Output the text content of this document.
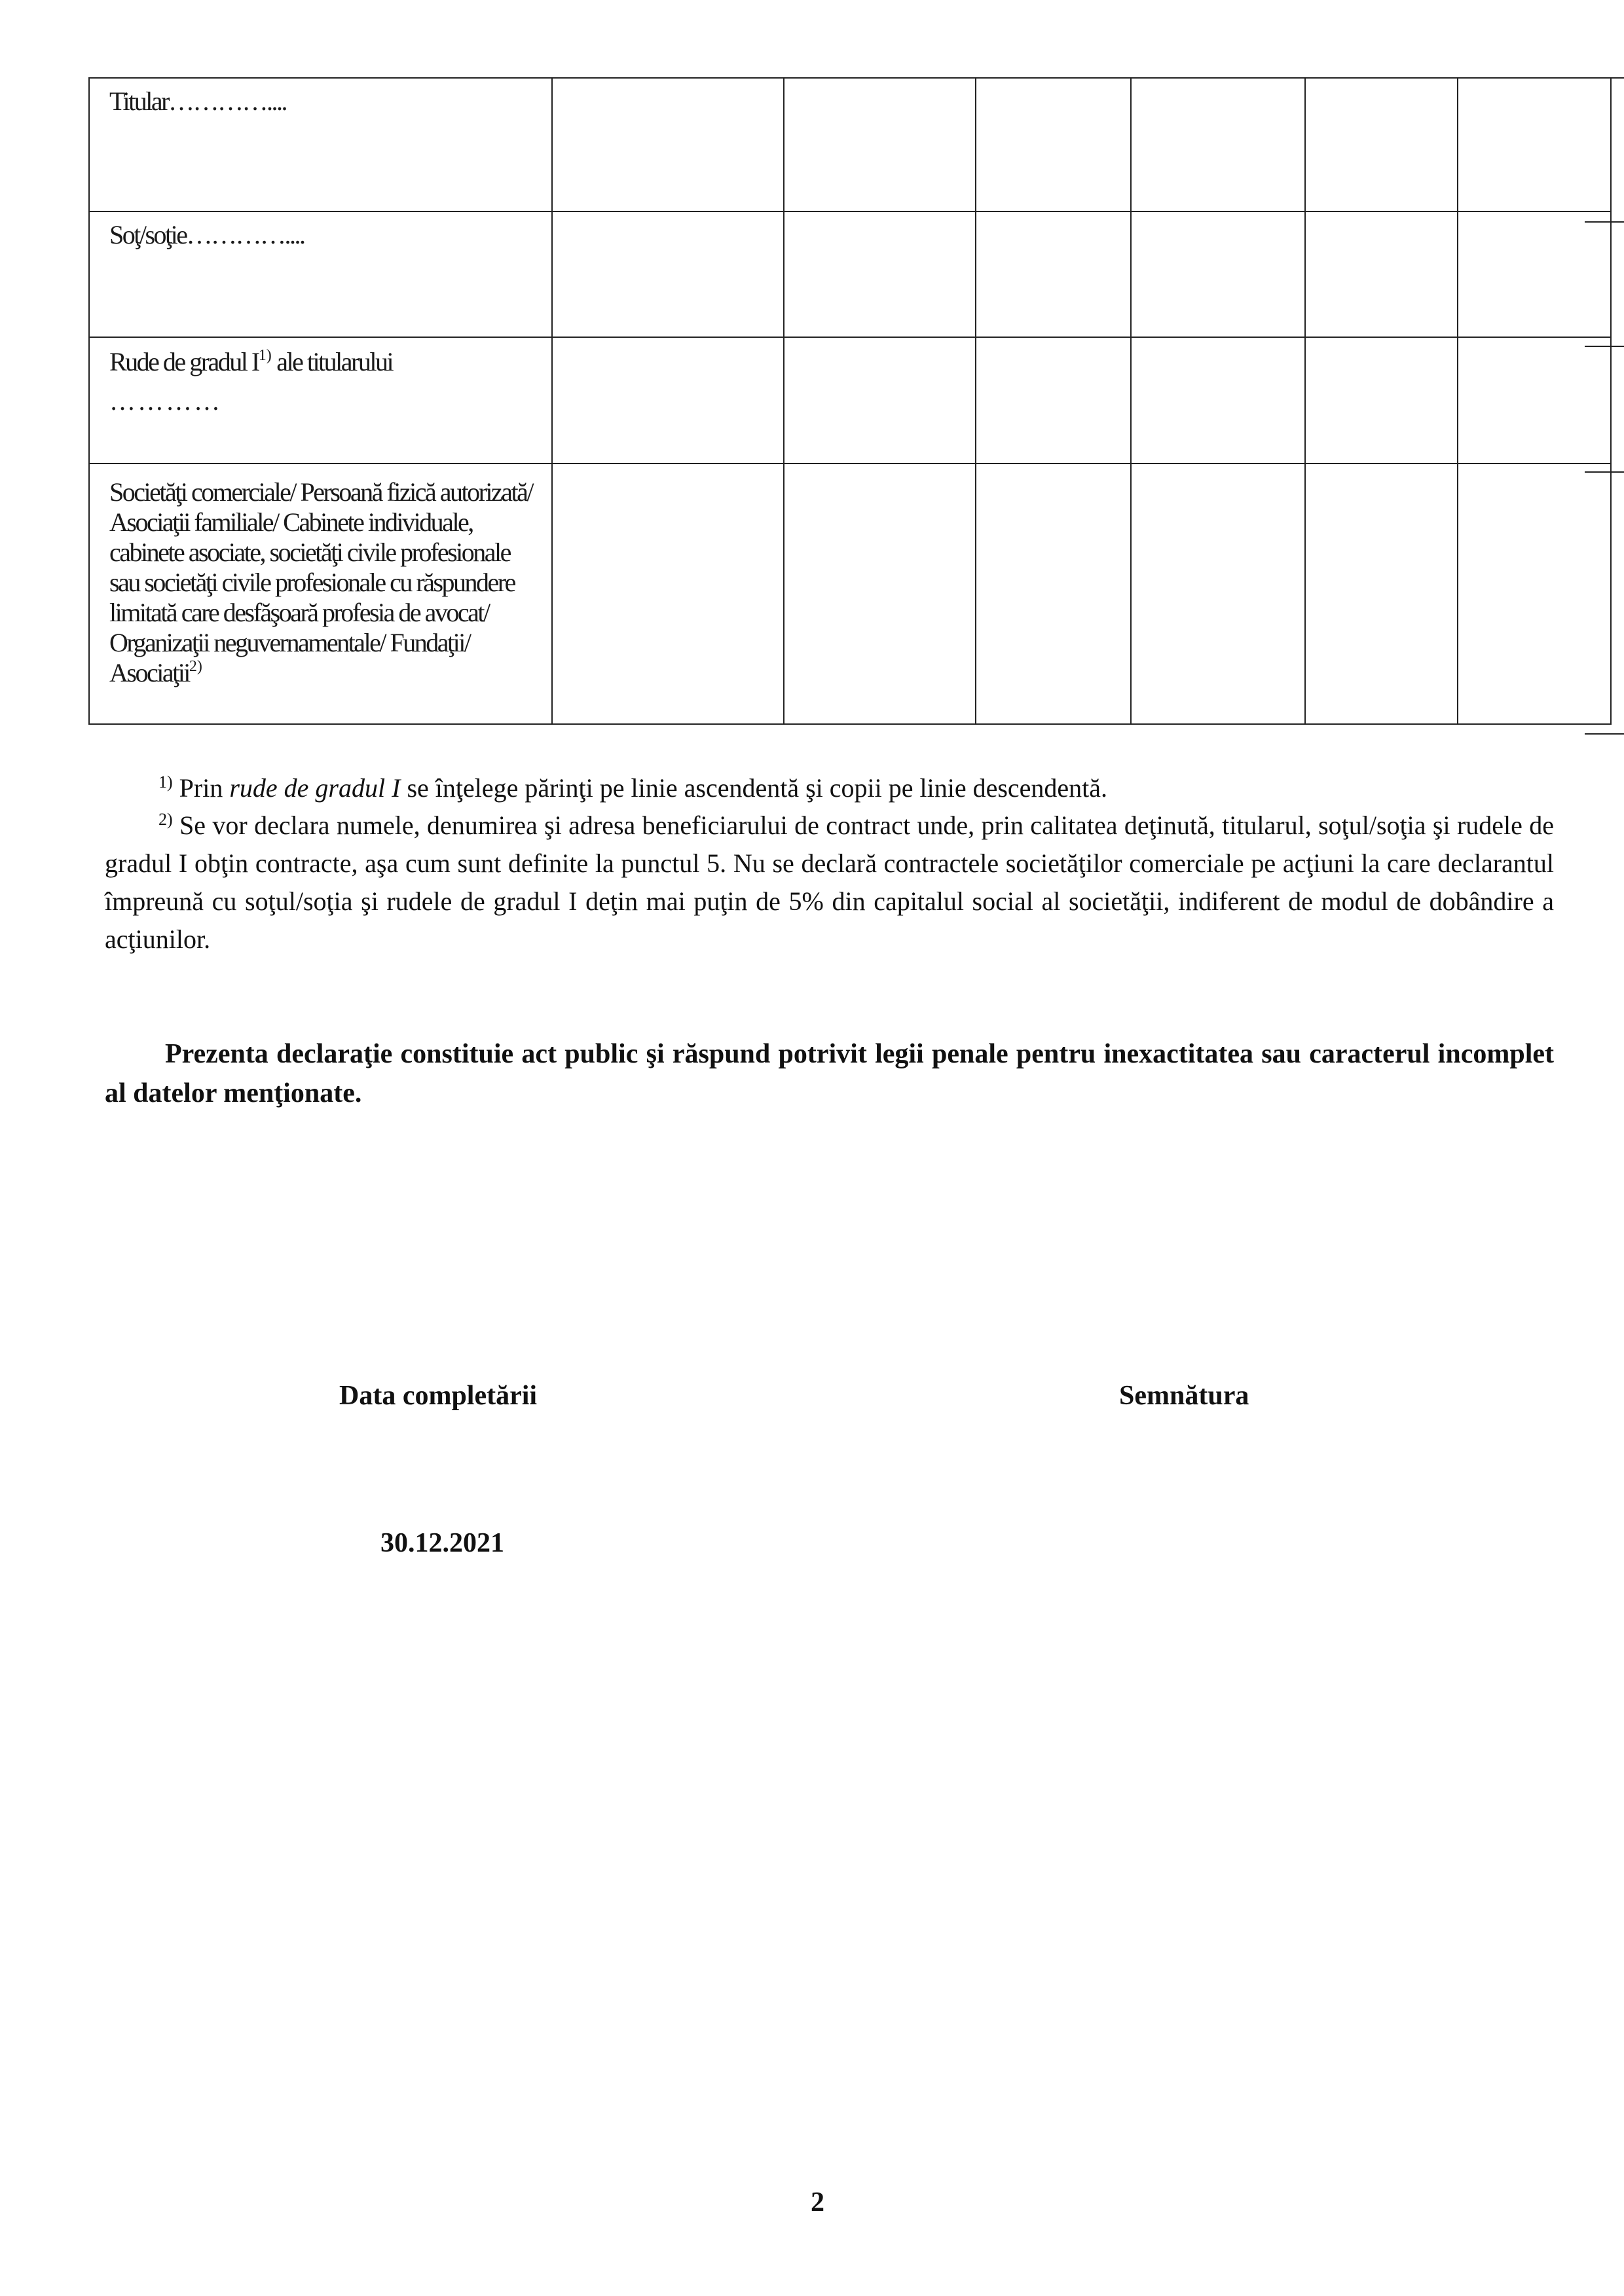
Titular…………....						
Soţ/soţie…………....						
Rude de gradul $I^{1)}$ ale titularului
…………						

Societăţi comerciale/ Persoană fizică autorizată/ Asociaţii familiale/ Cabinete individuale, cabinete asociate, societăţi civile profesionale sau societăţi civile profesionale cu răspundere limitată care desfăşoară profesia de avocat/ Organizaţii neguvernamentale/ Fundaţii/ Asociaţii$^{2)}$						

$^{1)}$ Prin rude de gradul I se înţelege părinţi pe linie ascendentă şi copii pe linie descendentă.

$^{2)}$ Se vor declara numele, denumirea şi adresa beneficiarului de contract unde, prin calitatea deţinută, titularul, soţul/soţia şi rudele de gradul I obţin contracte, aşa cum sunt definite la punctul 5. Nu se declară contractele societăţilor comerciale pe acţiuni la care declarantul împreună cu soţul/soţia şi rudele de gradul I deţin mai puţin de 5% din capitalul social al societăţii, indiferent de modul de dobândire a acţiunilor.

Prezenta declaraţie constituie act public şi răspund potrivit legii penale pentru inexactitatea sau caracterul incomplet al datelor menţionate.

Data completării	Semnătura
30.12.2021
2
